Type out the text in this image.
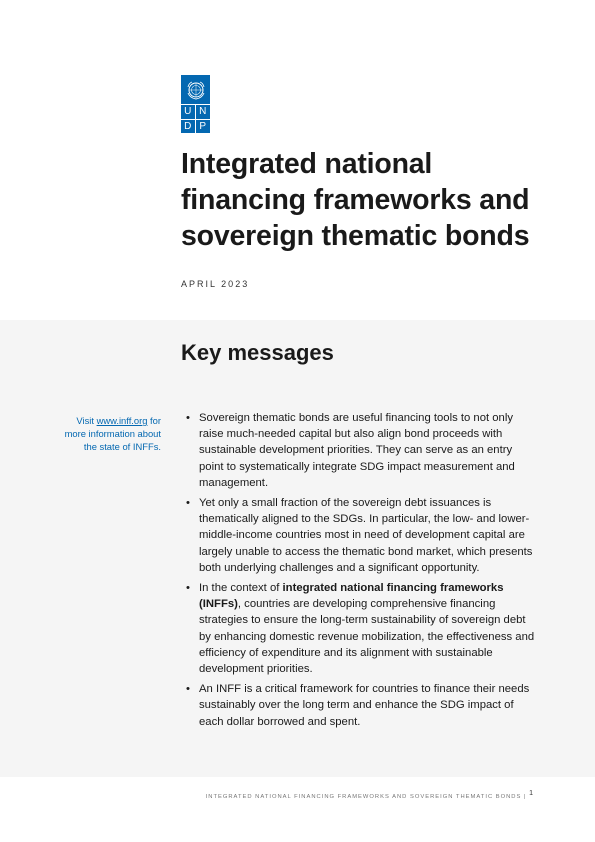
U N
D P
Integrated national financing frameworks and sovereign thematic bonds

APRIL 2023

Key messages

Visit www.inff.org for more information about the state of INFFs.

• Sovereign thematic bonds are useful financing tools to not only raise much-needed capital but also align bond proceeds with sustainable development priorities. They can serve as an entry point to systematically integrate SDG impact measurement and management.
• Yet only a small fraction of the sovereign debt issuances is thematically aligned to the SDGs. In particular, the low- and lower-middle-income countries most in need of development capital are largely unable to access the thematic bond market, which presents both underlying challenges and a significant opportunity.
• In the context of integrated national financing frameworks (INFFs), countries are developing comprehensive financing strategies to ensure the long-term sustainability of sovereign debt by enhancing domestic revenue mobilization, the effectiveness and efficiency of expenditure and its alignment with sustainable development priorities.
• An INFF is a critical framework for countries to finance their needs sustainably over the long term and enhance the SDG impact of each dollar borrowed and spent.

INTEGRATED NATIONAL FINANCING FRAMEWORKS AND SOVEREIGN THEMATIC BONDS | $^1$
